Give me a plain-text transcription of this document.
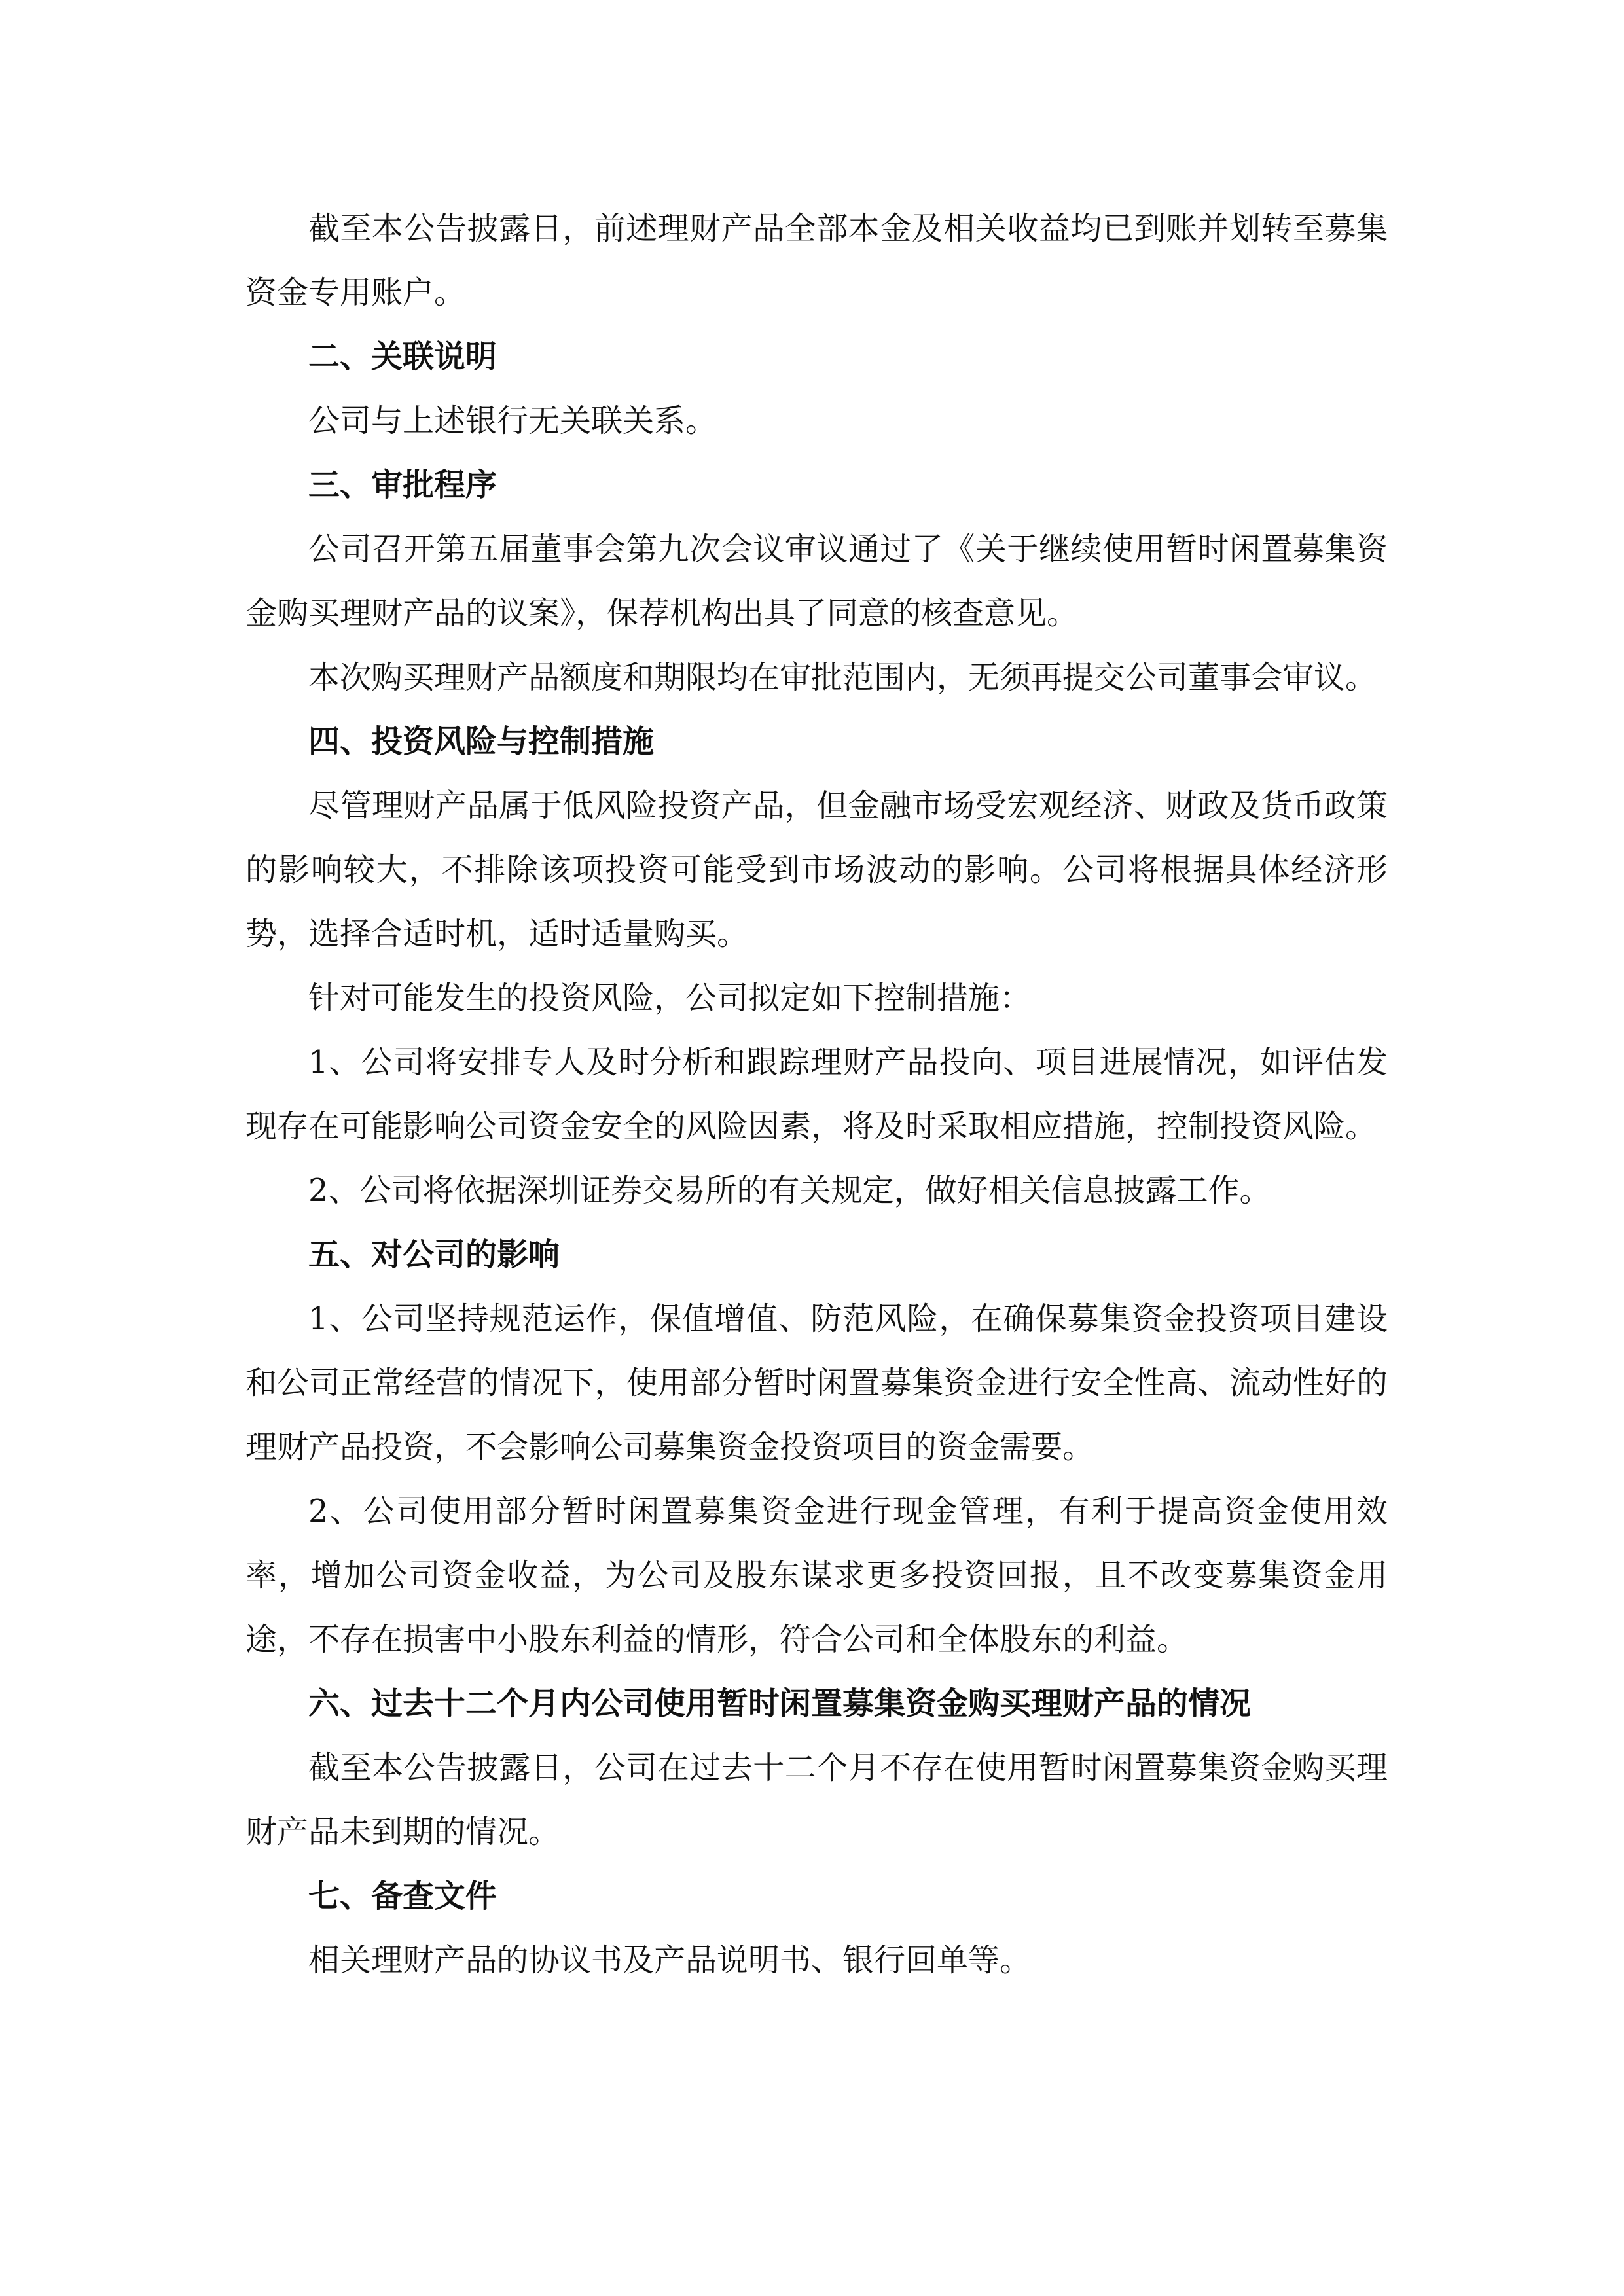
截至本公告披露日，前述理财产品全部本金及相关收益均已到账并划转至募集资金专用账户。

二、关联说明

公司与上述银行无关联关系。

三、审批程序

公司召开第五届董事会第九次会议审议通过了《关于继续使用暂时闲置募集资金购买理财产品的议案》，保荐机构出具了同意的核查意见。

本次购买理财产品额度和期限均在审批范围内，无须再提交公司董事会审议。

四、投资风险与控制措施

尽管理财产品属于低风险投资产品，但金融市场受宏观经济、财政及货币政策的影响较大，不排除该项投资可能受到市场波动的影响。公司将根据具体经济形势，选择合适时机，适时适量购买。

针对可能发生的投资风险，公司拟定如下控制措施：

1、公司将安排专人及时分析和跟踪理财产品投向、项目进展情况，如评估发现存在可能影响公司资金安全的风险因素，将及时采取相应措施，控制投资风险。

2、公司将依据深圳证券交易所的有关规定，做好相关信息披露工作。

五、对公司的影响

1、公司坚持规范运作，保值增值、防范风险，在确保募集资金投资项目建设和公司正常经营的情况下，使用部分暂时闲置募集资金进行安全性高、流动性好的理财产品投资，不会影响公司募集资金投资项目的资金需要。

2、公司使用部分暂时闲置募集资金进行现金管理，有利于提高资金使用效率，增加公司资金收益，为公司及股东谋求更多投资回报，且不改变募集资金用途，不存在损害中小股东利益的情形，符合公司和全体股东的利益。

六、过去十二个月内公司使用暂时闲置募集资金购买理财产品的情况

截至本公告披露日，公司在过去十二个月不存在使用暂时闲置募集资金购买理财产品未到期的情况。

七、备查文件

相关理财产品的协议书及产品说明书、银行回单等。
